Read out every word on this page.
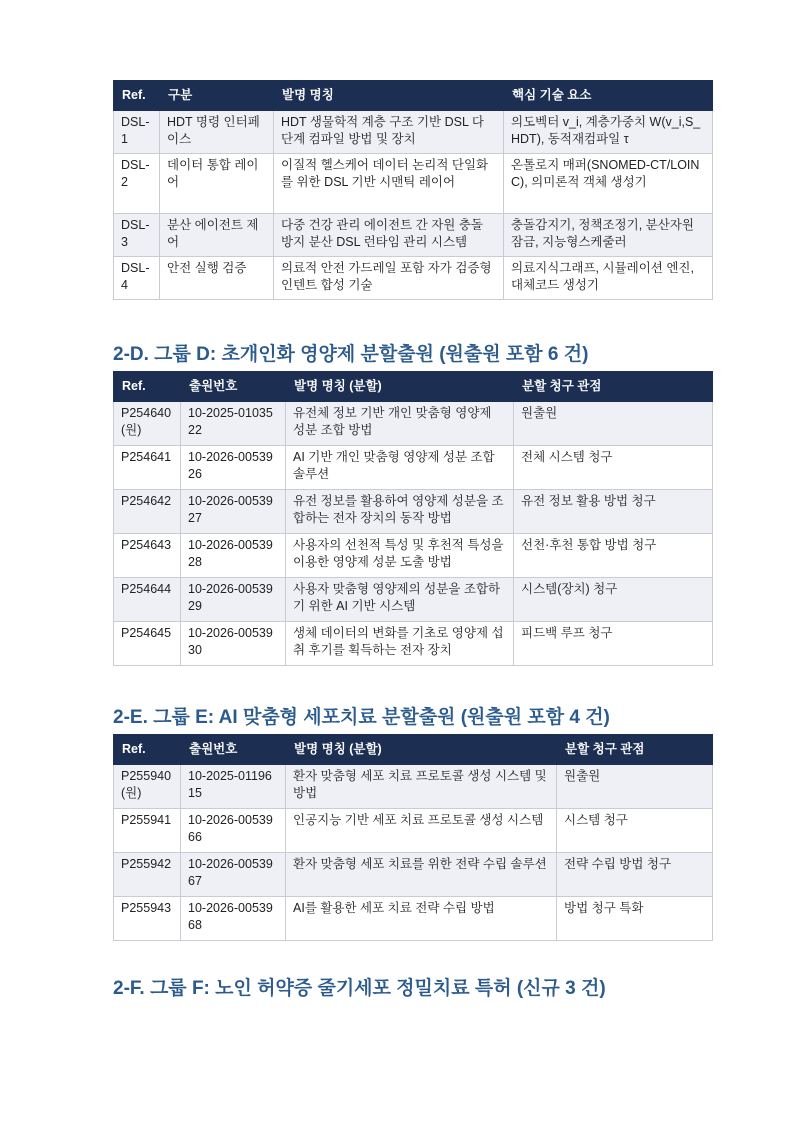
Ref.	구분	발명 명칭	핵심 기술 요소
DSL-1	HDT 명령 인터페이스	HDT 생물학적 계층 구조 기반 DSL 다단계 컴파일 방법 및 장치	의도벡터 v_i, 계층가중치 W(v_i,S_HDT), 동적재컴파일 τ
DSL-2	데이터 통합 레이어	이질적 헬스케어 데이터 논리적 단일화를 위한 DSL 기반 시맨틱 레이어	온톨로지 매퍼(SNOMED-CT/LOINC), 의미론적 객체 생성기
DSL-3	분산 에이전트 제어	다중 건강 관리 에이전트 간 자원 충돌 방지 분산 DSL 런타임 관리 시스템	충돌감지기, 정책조정기, 분산자원잠금, 지능형스케줄러
DSL-4	안전 실행 검증	의료적 안전 가드레일 포함 자가 검증형 인텐트 합성 기술	의료지식그래프, 시뮬레이션 엔진, 대체코드 생성기
2-D. 그룹 D: 초개인화 영양제 분할출원 (원출원 포함 6 건)
Ref.	출원번호	발명 명칭 (분할)	분할 청구 관점
P254640 (원)	10-2025-0103522	유전체 정보 기반 개인 맞춤형 영양제 성분 조합 방법	원출원
P254641	10-2026-0053926	AI 기반 개인 맞춤형 영양제 성분 조합 솔루션	전체 시스템 청구
P254642	10-2026-0053927	유전 정보를 활용하여 영양제 성분을 조합하는 전자 장치의 동작 방법	유전 정보 활용 방법 청구
P254643	10-2026-0053928	사용자의 선천적 특성 및 후천적 특성을 이용한 영양제 성분 도출 방법	선천·후천 통합 방법 청구
P254644	10-2026-0053929	사용자 맞춤형 영양제의 성분을 조합하기 위한 AI 기반 시스템	시스템(장치) 청구
P254645	10-2026-0053930	생체 데이터의 변화를 기초로 영양제 섭취 후기를 획득하는 전자 장치	피드백 루프 청구
2-E. 그룹 E: AI 맞춤형 세포치료 분할출원 (원출원 포함 4 건)
Ref.	출원번호	발명 명칭 (분할)	분할 청구 관점
P255940 (원)	10-2025-0119615	환자 맞춤형 세포 치료 프로토콜 생성 시스템 및 방법	원출원
P255941	10-2026-0053966	인공지능 기반 세포 치료 프로토콜 생성 시스템	시스템 청구
P255942	10-2026-0053967	환자 맞춤형 세포 치료를 위한 전략 수립 솔루션	전략 수립 방법 청구
P255943	10-2026-0053968	AI를 활용한 세포 치료 전략 수립 방법	방법 청구 특화
2-F. 그룹 F: 노인 허약증 줄기세포 정밀치료 특허 (신규 3 건)
